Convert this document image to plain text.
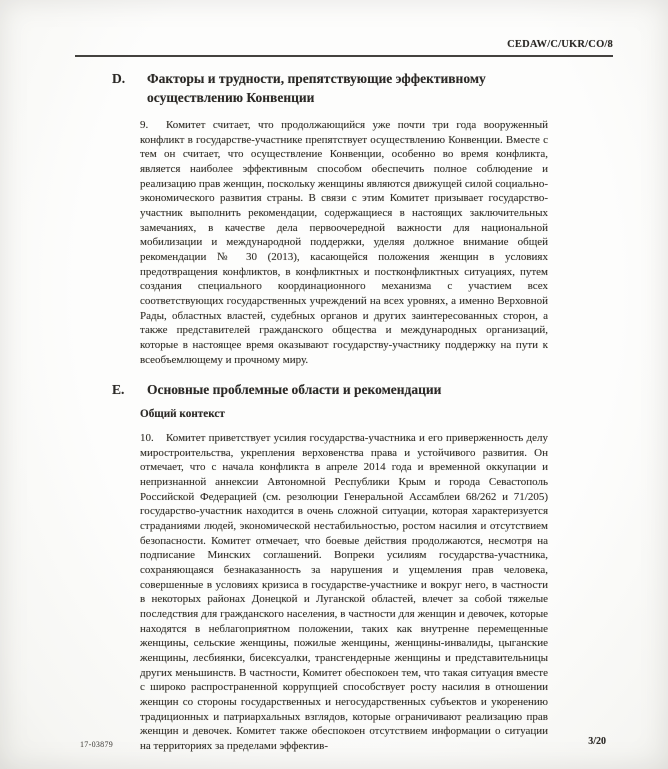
CEDAW/C/UKR/CO/8
D.	Факторы и трудности, препятствующие эффективному осуществлению Конвенции

9. Комитет считает, что продолжающийся уже почти три года вооруженный конфликт в государстве-участнике препятствует осуществлению Конвенции. Вместе с тем он считает, что осуществление Конвенции, особенно во время конфликта, является наиболее эффективным способом обеспечить полное соблюдение и реализацию прав женщин, поскольку женщины являются движущей силой социально-экономического развития страны. В связи с этим Комитет призывает государство-участник выполнить рекомендации, содержащиеся в настоящих заключительных замечаниях, в качестве дела первоочередной важности для национальной мобилизации и международной поддержки, уделяя должное внимание общей рекомендации № 30 (2013), касающейся положения женщин в условиях предотвращения конфликтов, в конфликтных и постконфликтных ситуациях, путем создания специального координационного механизма с участием всех соответствующих государственных учреждений на всех уровнях, а именно Верховной Рады, областных властей, судебных органов и других заинтересованных сторон, а также представителей гражданского общества и международных организаций, которые в настоящее время оказывают государству-участнику поддержку на пути к всеобъемлющему и прочному миру.

E.	Основные проблемные области и рекомендации
Общий контекст

10. Комитет приветствует усилия государства-участника и его приверженность делу миростроительства, укрепления верховенства права и устойчивого развития. Он отмечает, что с начала конфликта в апреле 2014 года и временной оккупации и непризнанной аннексии Автономной Республики Крым и города Севастополь Российской Федерацией (см. резолюции Генеральной Ассамблеи 68/262 и 71/205) государство-участник находится в очень сложной ситуации, которая характеризуется страданиями людей, экономической нестабильностью, ростом насилия и отсутствием безопасности. Комитет отмечает, что боевые действия продолжаются, несмотря на подписание Минских соглашений. Вопреки усилиям государства-участника, сохраняющаяся безнаказанность за нарушения и ущемления прав человека, совершенные в условиях кризиса в государстве-участнике и вокруг него, в частности в некоторых районах Донецкой и Луганской областей, влечет за собой тяжелые последствия для гражданского населения, в частности для женщин и девочек, которые находятся в неблагоприятном положении, таких как внутренне перемещенные женщины, сельские женщины, пожилые женщины, женщины-инвалиды, цыганские женщины, лесбиянки, бисексуалки, трансгендерные женщины и представительницы других меньшинств. В частности, Комитет обеспокоен тем, что такая ситуация вместе с широко распространенной коррупцией способствует росту насилия в отношении женщин со стороны государственных и негосударственных субъектов и укоренению традиционных и патриархальных взглядов, которые ограничивают реализацию прав женщин и девочек. Комитет также обеспокоен отсутствием информации о ситуации на территориях за пределами эффектив-

17-03879	3/20
